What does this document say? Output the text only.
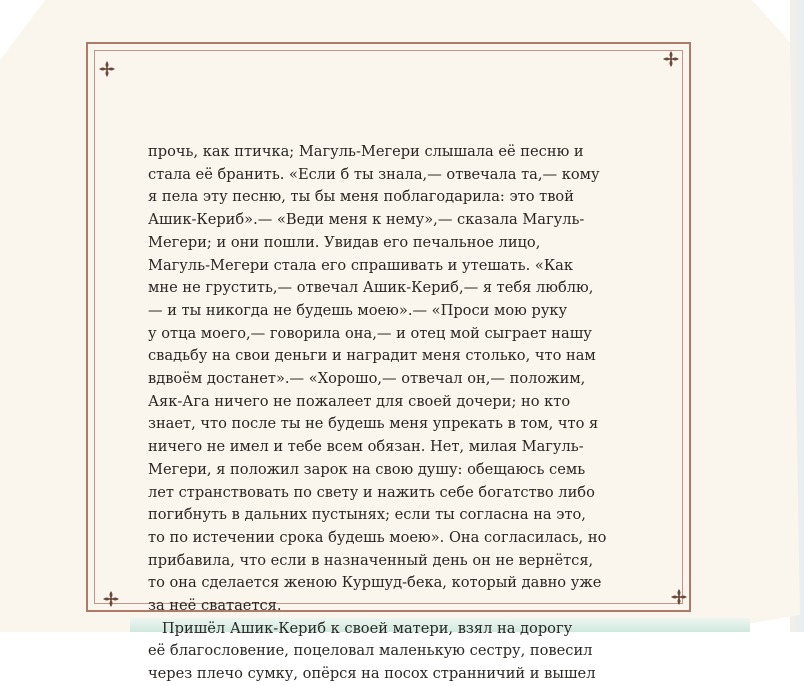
прочь, как птичка; Магуль-Мегери слышала её песню и

стала её бранить. «Если б ты знала,— отвечала та,— кому

я пела эту песню, ты бы меня поблагодарила: это твой

Ашик-Кериб».— «Веди меня к нему»,— сказала Магуль-

Мегери; и они пошли. Увидав его печальное лицо,

Магуль-Мегери стала его спрашивать и утешать. «Как

мне не грустить,— отвечал Ашик-Кериб,— я тебя люблю,

— и ты никогда не будешь моею».— «Проси мою руку

у отца моего,— говорила она,— и отец мой сыграет нашу

свадьбу на свои деньги и наградит меня столько, что нам

вдвоём достанет».— «Хорошо,— отвечал он,— положим,

Аяк-Ага ничего не пожалеет для своей дочери; но кто

знает, что после ты не будешь меня упрекать в том, что я

ничего не имел и тебе всем обязан. Нет, милая Магуль-

Мегери, я положил зарок на свою душу: обещаюсь семь

лет странствовать по свету и нажить себе богатство либо

погибнуть в дальних пустынях; если ты согласна на это,

то по истечении срока будешь моею». Она согласилась, но

прибавила, что если в назначенный день он не вернётся,

то она сделается женою Куршуд-бека, который давно уже

за неё сватается.

Пришёл Ашик-Кериб к своей матери, взял на дорогу

её благословение, поцеловал маленькую сестру, повесил

через плечо сумку, опёрся на посох странничий и вышел
